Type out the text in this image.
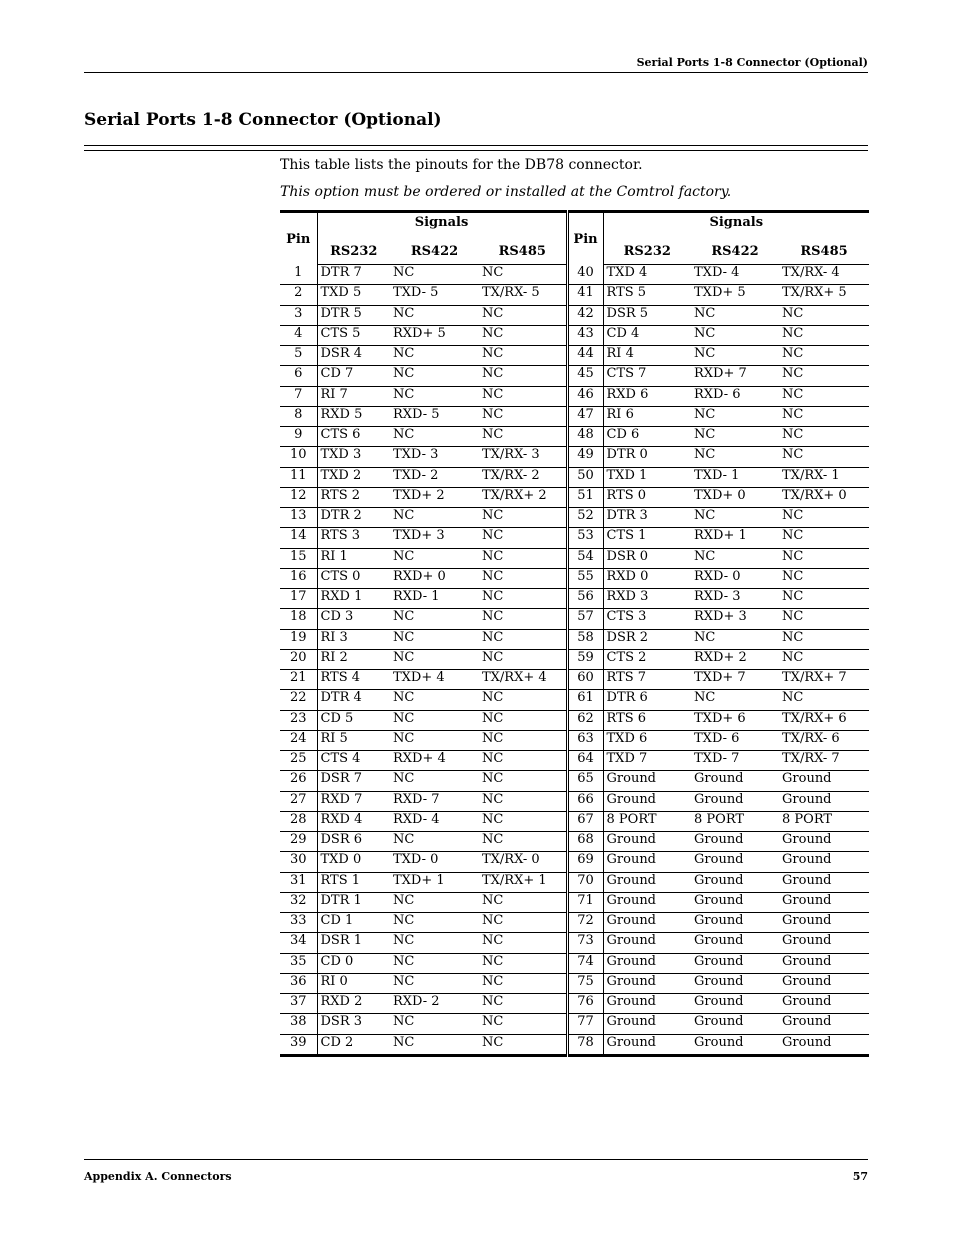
Serial Ports 1-8 Connector (Optional)
Serial Ports 1-8 Connector (Optional)

This table lists the pinouts for the DB78 connector.

This option must be ordered or installed at the Comtrol factory.

Pin	Signals			Pin	Signals		
	RS232	RS422	RS485		RS232	RS422	RS485
1	DTR 7	NC	NC	40	TXD 4	TXD- 4	TX/RX- 4
2	TXD 5	TXD- 5	TX/RX- 5	41	RTS 5	TXD+ 5	TX/RX+ 5
3	DTR 5	NC	NC	42	DSR 5	NC	NC
4	CTS 5	RXD+ 5	NC	43	CD 4	NC	NC
5	DSR 4	NC	NC	44	RI 4	NC	NC
6	CD 7	NC	NC	45	CTS 7	RXD+ 7	NC
7	RI 7	NC	NC	46	RXD 6	RXD- 6	NC
8	RXD 5	RXD- 5	NC	47	RI 6	NC	NC
9	CTS 6	NC	NC	48	CD 6	NC	NC
10	TXD 3	TXD- 3	TX/RX- 3	49	DTR 0	NC	NC
11	TXD 2	TXD- 2	TX/RX- 2	50	TXD 1	TXD- 1	TX/RX- 1
12	RTS 2	TXD+ 2	TX/RX+ 2	51	RTS 0	TXD+ 0	TX/RX+ 0
13	DTR 2	NC	NC	52	DTR 3	NC	NC
14	RTS 3	TXD+ 3	NC	53	CTS 1	RXD+ 1	NC
15	RI 1	NC	NC	54	DSR 0	NC	NC
16	CTS 0	RXD+ 0	NC	55	RXD 0	RXD- 0	NC
17	RXD 1	RXD- 1	NC	56	RXD 3	RXD- 3	NC
18	CD 3	NC	NC	57	CTS 3	RXD+ 3	NC
19	RI 3	NC	NC	58	DSR 2	NC	NC
20	RI 2	NC	NC	59	CTS 2	RXD+ 2	NC
21	RTS 4	TXD+ 4	TX/RX+ 4	60	RTS 7	TXD+ 7	TX/RX+ 7
22	DTR 4	NC	NC	61	DTR 6	NC	NC
23	CD 5	NC	NC	62	RTS 6	TXD+ 6	TX/RX+ 6
24	RI 5	NC	NC	63	TXD 6	TXD- 6	TX/RX- 6
25	CTS 4	RXD+ 4	NC	64	TXD 7	TXD- 7	TX/RX- 7
26	DSR 7	NC	NC	65	Ground	Ground	Ground
27	RXD 7	RXD- 7	NC	66	Ground	Ground	Ground
28	RXD 4	RXD- 4	NC	67	8 PORT	8 PORT	8 PORT
29	DSR 6	NC	NC	68	Ground	Ground	Ground
30	TXD 0	TXD- 0	TX/RX- 0	69	Ground	Ground	Ground
31	RTS 1	TXD+ 1	TX/RX+ 1	70	Ground	Ground	Ground
32	DTR 1	NC	NC	71	Ground	Ground	Ground
33	CD 1	NC	NC	72	Ground	Ground	Ground
34	DSR 1	NC	NC	73	Ground	Ground	Ground
35	CD 0	NC	NC	74	Ground	Ground	Ground
36	RI 0	NC	NC	75	Ground	Ground	Ground
37	RXD 2	RXD- 2	NC	76	Ground	Ground	Ground
38	DSR 3	NC	NC	77	Ground	Ground	Ground
39	CD 2	NC	NC	78	Ground	Ground	Ground
Appendix A. Connectors	57
